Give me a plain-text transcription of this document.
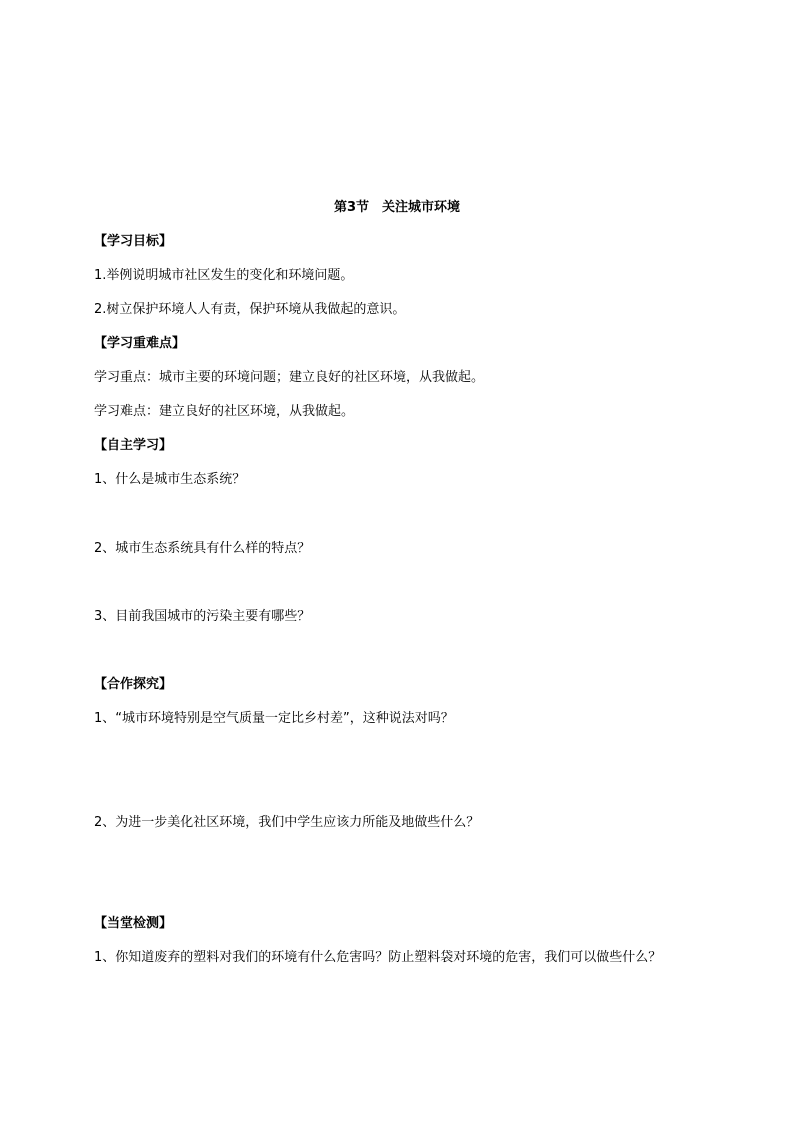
第3节　关注城市环境
【学习目标】
1.举例说明城市社区发生的变化和环境问题。
2.树立保护环境人人有责，保护环境从我做起的意识。
【学习重难点】
学习重点：城市主要的环境问题；建立良好的社区环境，从我做起。
学习难点：建立良好的社区环境，从我做起。
【自主学习】
1、什么是城市生态系统？
2、城市生态系统具有什么样的特点？
3、目前我国城市的污染主要有哪些？
【合作探究】
1、“城市环境特别是空气质量一定比乡村差”，这种说法对吗？
2、为进一步美化社区环境，我们中学生应该力所能及地做些什么？
【当堂检测】
1、你知道废弃的塑料对我们的环境有什么危害吗？防止塑料袋对环境的危害，我们可以做些什么？
